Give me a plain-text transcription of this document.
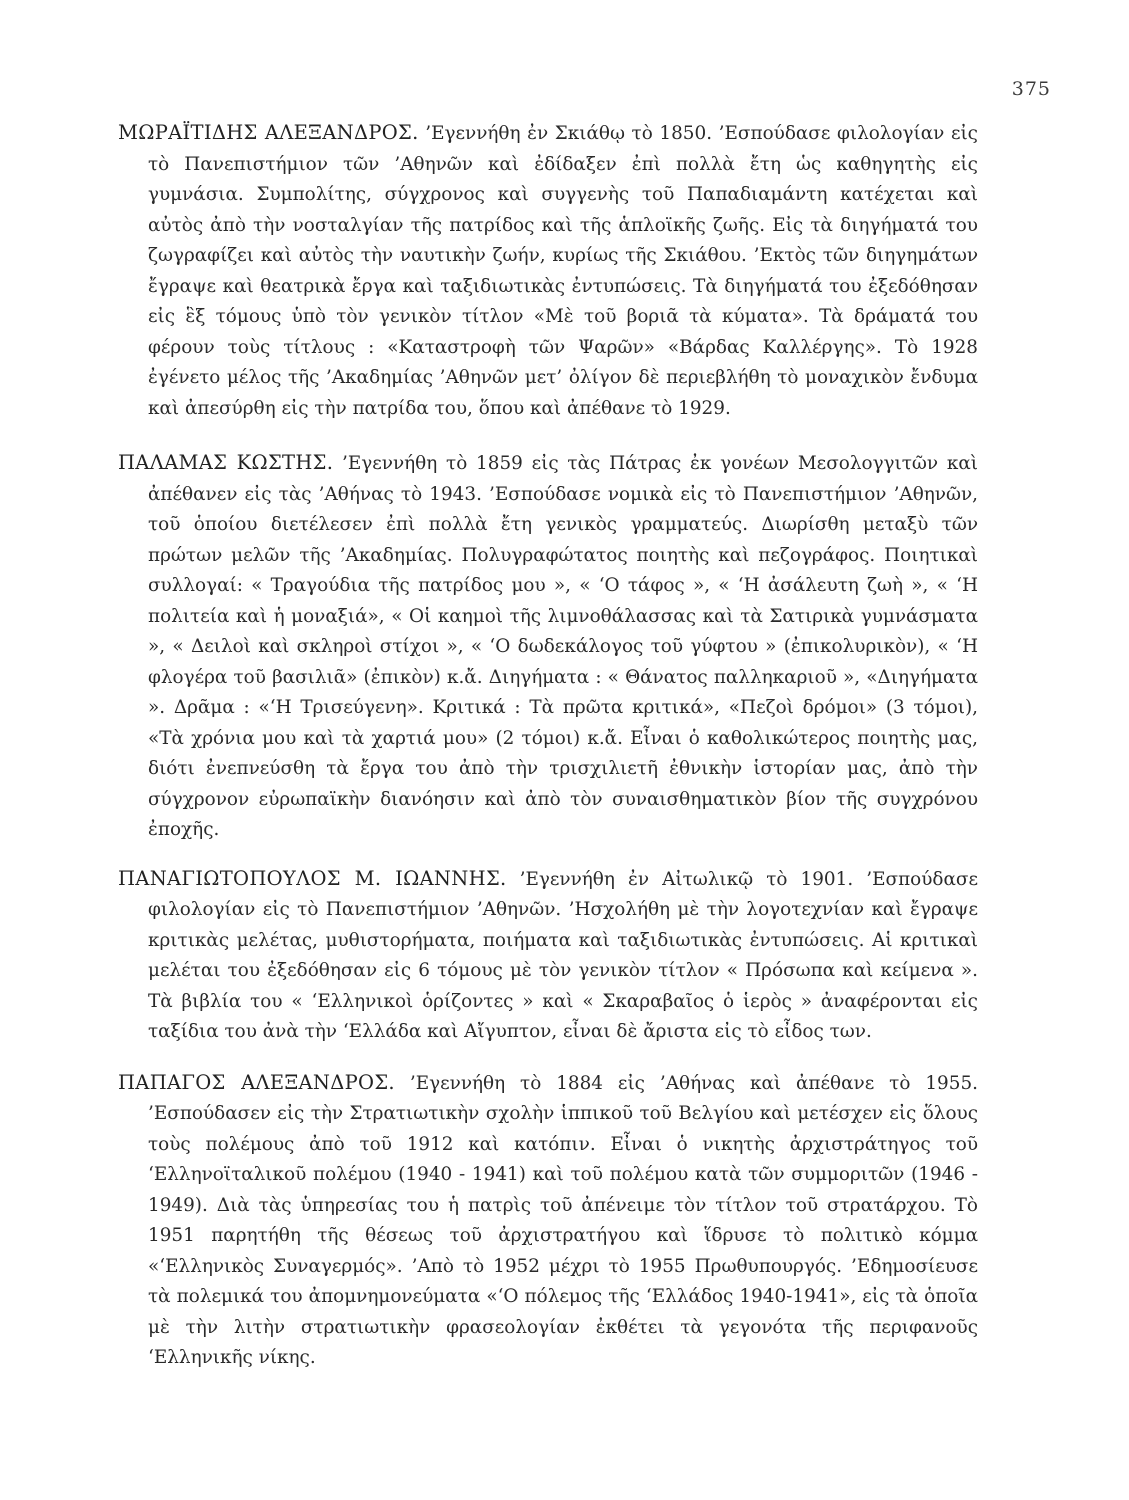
375

ΜΩΡΑΪΤΙΔΗΣ ΑΛΕΞΑΝΔΡΟΣ. ’Εγεννήθη ἐν Σκιάθῳ τὸ 1850. ’Εσπούδασε φιλολογίαν εἰς τὸ Πανεπιστήμιον τῶν ’Αθηνῶν καὶ ἐδίδαξεν ἐπὶ πολλὰ ἔτη ὡς καθηγητὴς εἰς γυμνάσια. Συμπολίτης, σύγχρονος καὶ συγγενὴς τοῦ Παπαδιαμάντη κατέχεται καὶ αὐτὸς ἀπὸ τὴν νοσταλγίαν τῆς πατρίδος καὶ τῆς ἁπλοϊκῆς ζωῆς. Εἰς τὰ διηγήματά του ζωγραφίζει καὶ αὐτὸς τὴν ναυτικὴν ζωήν, κυρίως τῆς Σκιάθου. ’Εκτὸς τῶν διηγημάτων ἔγραψε καὶ θεατρικὰ ἔργα καὶ ταξιδιωτικὰς ἐντυπώσεις. Τὰ διηγήματά του ἐξεδόθησαν εἰς ἓξ τόμους ὑπὸ τὸν γενικὸν τίτλον «Μὲ τοῦ βοριᾶ τὰ κύματα». Τὰ δράματά του φέρουν τοὺς τίτλους : «Καταστροφὴ τῶν Ψαρῶν» «Βάρδας Καλλέργης». Τὸ 1928 ἐγένετο μέλος τῆς ’Ακαδημίας ’Αθηνῶν μετ’ ὀλίγον δὲ περιεβλήθη τὸ μοναχικὸν ἔνδυμα καὶ ἀπεσύρθη εἰς τὴν πατρίδα του, ὅπου καὶ ἀπέθανε τὸ 1929.

ΠΑΛΑΜΑΣ ΚΩΣΤΗΣ. ’Εγεννήθη τὸ 1859 εἰς τὰς Πάτρας ἐκ γονέων Μεσολογγιτῶν καὶ ἀπέθανεν εἰς τὰς ’Αθήνας τὸ 1943. ’Εσπούδασε νομικὰ εἰς τὸ Πανεπιστήμιον ’Αθηνῶν, τοῦ ὁποίου διετέλεσεν ἐπὶ πολλὰ ἔτη γενικὸς γραμματεύς. Διωρίσθη μεταξὺ τῶν πρώτων μελῶν τῆς ’Ακαδημίας. Πολυγραφώτατος ποιητὴς καὶ πεζογράφος. Ποιητικαὶ συλλογαί: « Τραγούδια τῆς πατρίδος μου », « ‘Ο τάφος », « ‘Η ἀσάλευτη ζωὴ », « ‘Η πολιτεία καὶ ἡ μοναξιά», « Οἱ καημοὶ τῆς λιμνοθάλασσας καὶ τὰ Σατιρικὰ γυμνάσματα », « Δειλοὶ καὶ σκληροὶ στίχοι », « ‘Ο δωδεκάλογος τοῦ γύφτου » (ἐπικολυρικὸν), « ‘Η φλογέρα τοῦ βασιλιᾶ» (ἐπικὸν) κ.ἄ. Διηγήματα : « Θάνατος παλληκαριοῦ », «Διηγήματα ». Δρᾶμα : «‘Η Τρισεύγενη». Κριτικά : Τὰ πρῶτα κριτικά», «Πεζοὶ δρόμοι» (3 τόμοι), «Τὰ χρόνια μου καὶ τὰ χαρτιά μου» (2 τόμοι) κ.ἄ. Εἶναι ὁ καθολικώτερος ποιητὴς μας, διότι ἐνεπνεύσθη τὰ ἔργα του ἀπὸ τὴν τρισχιλιετῆ ἐθνικὴν ἱστορίαν μας, ἀπὸ τὴν σύγχρονον εὐρωπαϊκὴν διανόησιν καὶ ἀπὸ τὸν συναισθηματικὸν βίον τῆς συγχρόνου ἐποχῆς.

ΠΑΝΑΓΙΩΤΟΠΟΥΛΟΣ Μ. ΙΩΑΝΝΗΣ. ’Εγεννήθη ἐν Αἰτωλικῷ τὸ 1901. ’Εσπούδασε φιλολογίαν εἰς τὸ Πανεπιστήμιον ’Αθηνῶν. ’Ησχολήθη μὲ τὴν λογοτεχνίαν καὶ ἔγραψε κριτικὰς μελέτας, μυθιστορήματα, ποιήματα καὶ ταξιδιωτικὰς ἐντυπώσεις. Αἱ κριτικαὶ μελέται του ἐξεδόθησαν εἰς 6 τόμους μὲ τὸν γενικὸν τίτλον « Πρόσωπα καὶ κείμενα ». Τὰ βιβλία του « ‘Ελληνικοὶ ὁρίζοντες » καὶ « Σκαραβαῖος ὁ ἱερὸς » ἀναφέρονται εἰς ταξίδια του ἀνὰ τὴν ‘Ελλάδα καὶ Αἴγυπτον, εἶναι δὲ ἄριστα εἰς τὸ εἶδος των.

ΠΑΠΑΓΟΣ ΑΛΕΞΑΝΔΡΟΣ. ’Εγεννήθη τὸ 1884 εἰς ’Αθήνας καὶ ἀπέθανε τὸ 1955. ’Εσπούδασεν εἰς τὴν Στρατιωτικὴν σχολὴν ἱππικοῦ τοῦ Βελγίου καὶ μετέσχεν εἰς ὅλους τοὺς πολέμους ἀπὸ τοῦ 1912 καὶ κατόπιν. Εἶναι ὁ νικητὴς ἀρχιστράτηγος τοῦ ‘Ελληνοϊταλικοῦ πολέμου (1940 - 1941) καὶ τοῦ πολέμου κατὰ τῶν συμμοριτῶν (1946 - 1949). Διὰ τὰς ὑπηρεσίας του ἡ πατρὶς τοῦ ἀπένειμε τὸν τίτλον τοῦ στρατάρχου. Τὸ 1951 παρητήθη τῆς θέσεως τοῦ ἀρχιστρατήγου καὶ ἵδρυσε τὸ πολιτικὸ κόμμα «‘Ελληνικὸς Συναγερμός». ’Απὸ τὸ 1952 μέχρι τὸ 1955 Πρωθυπουργός. ’Εδημοσίευσε τὰ πολεμικά του ἀπομνημονεύματα «‘Ο πόλεμος τῆς ‘Ελλάδος 1940-1941», εἰς τὰ ὁποῖα μὲ τὴν λιτὴν στρατιωτικὴν φρασεολογίαν ἐκθέτει τὰ γεγονότα τῆς περιφανοῦς ‘Ελληνικῆς νίκης.
